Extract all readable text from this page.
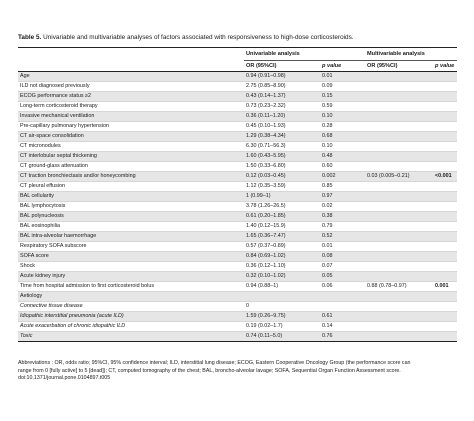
Table 5. Univariable and multivariable analyses of factors associated with responsiveness to high-dose corticosteroids.
	Univariable analysis		Multivariable analysis	
	OR (95%CI)	p value	OR (95%CI)	p value
Age	0.94 (0.91–0.98)	0.01		
ILD not diagnosed previously	2.75 (0.85–8.90)	0.09		
ECOG performance status ≥2	0.43 (0.14–1.37)	0.15		
Long-term corticosteroid therapy	0.73 (0.23–2.32)	0.59		
Invasive mechanical ventilation	0.36 (0.11–1.20)	0.10		
Pre-capillary pulmonary hypertension	0.45 (0.10–1.93)	0.28		
CT air-space consolidation	1.29 (0.38–4.34)	0.68		
CT micronodules	6.30 (0.71–56.3)	0.10		
CT interlobular septal thickening	1.60 (0.43–5.95)	0.48		
CT ground-glass attenuation	1.50 (0.33–6.80)	0.60		
CT traction bronchiectasis and/or honeycombing	0.12 (0.03–0.45)	0.002	0.03 (0.005–0.21)	<0.001
CT pleural effusion	1.12 (0.35–3.59)	0.85		
BAL cellularity	1 (0.99–1)	0.97		
BAL lymphocytosis	3.78 (1.26–26.5)	0.02		
BAL polynucleosis	0.61 (0.20–1.85)	0.38		
BAL eosinophilia	1.40 (0.12–15.9)	0.79		
BAL intra-alveolar haemorrhage	1.65 (0.36–7.47)	0.52		
Respiratory SOFA subscore	0.57 (0.37–0.89)	0.01		
SOFA score	0.84 (0.69–1.02)	0.08		
Shock	0.36 (0.12–1.10)	0.07		
Acute kidney injury	0.32 (0.10–1.02)	0.05		
Time from hospital admission to first corticosteroid bolus	0.94 (0.88–1)	0.06	0.88 (0.78–0.97)	0.001
Aetiology				
Connective tissue disease	0			
Idiopathic interstitial pneumonia (acute ILD)	1.59 (0.26–9.75)	0.61		
Acute exacerbation of chronic idiopathic ILD	0.19 (0.02–1.7)	0.14		
Toxic	0.74 (0.11–5.0)	0.76		
Abbreviations : OR, odds ratio; 95%CI, 95% confidence interval; ILD, interstitial lung disease; ECOG, Eastern Cooperative Oncology Group (the performance score can
range from 0 [fully active] to 5 [dead]); CT, computed tomography of the chest; BAL, broncho-alveolar lavage; SOFA, Sequential Organ Function Assessment score.
doi:10.1371/journal.pone.0104897.t005
